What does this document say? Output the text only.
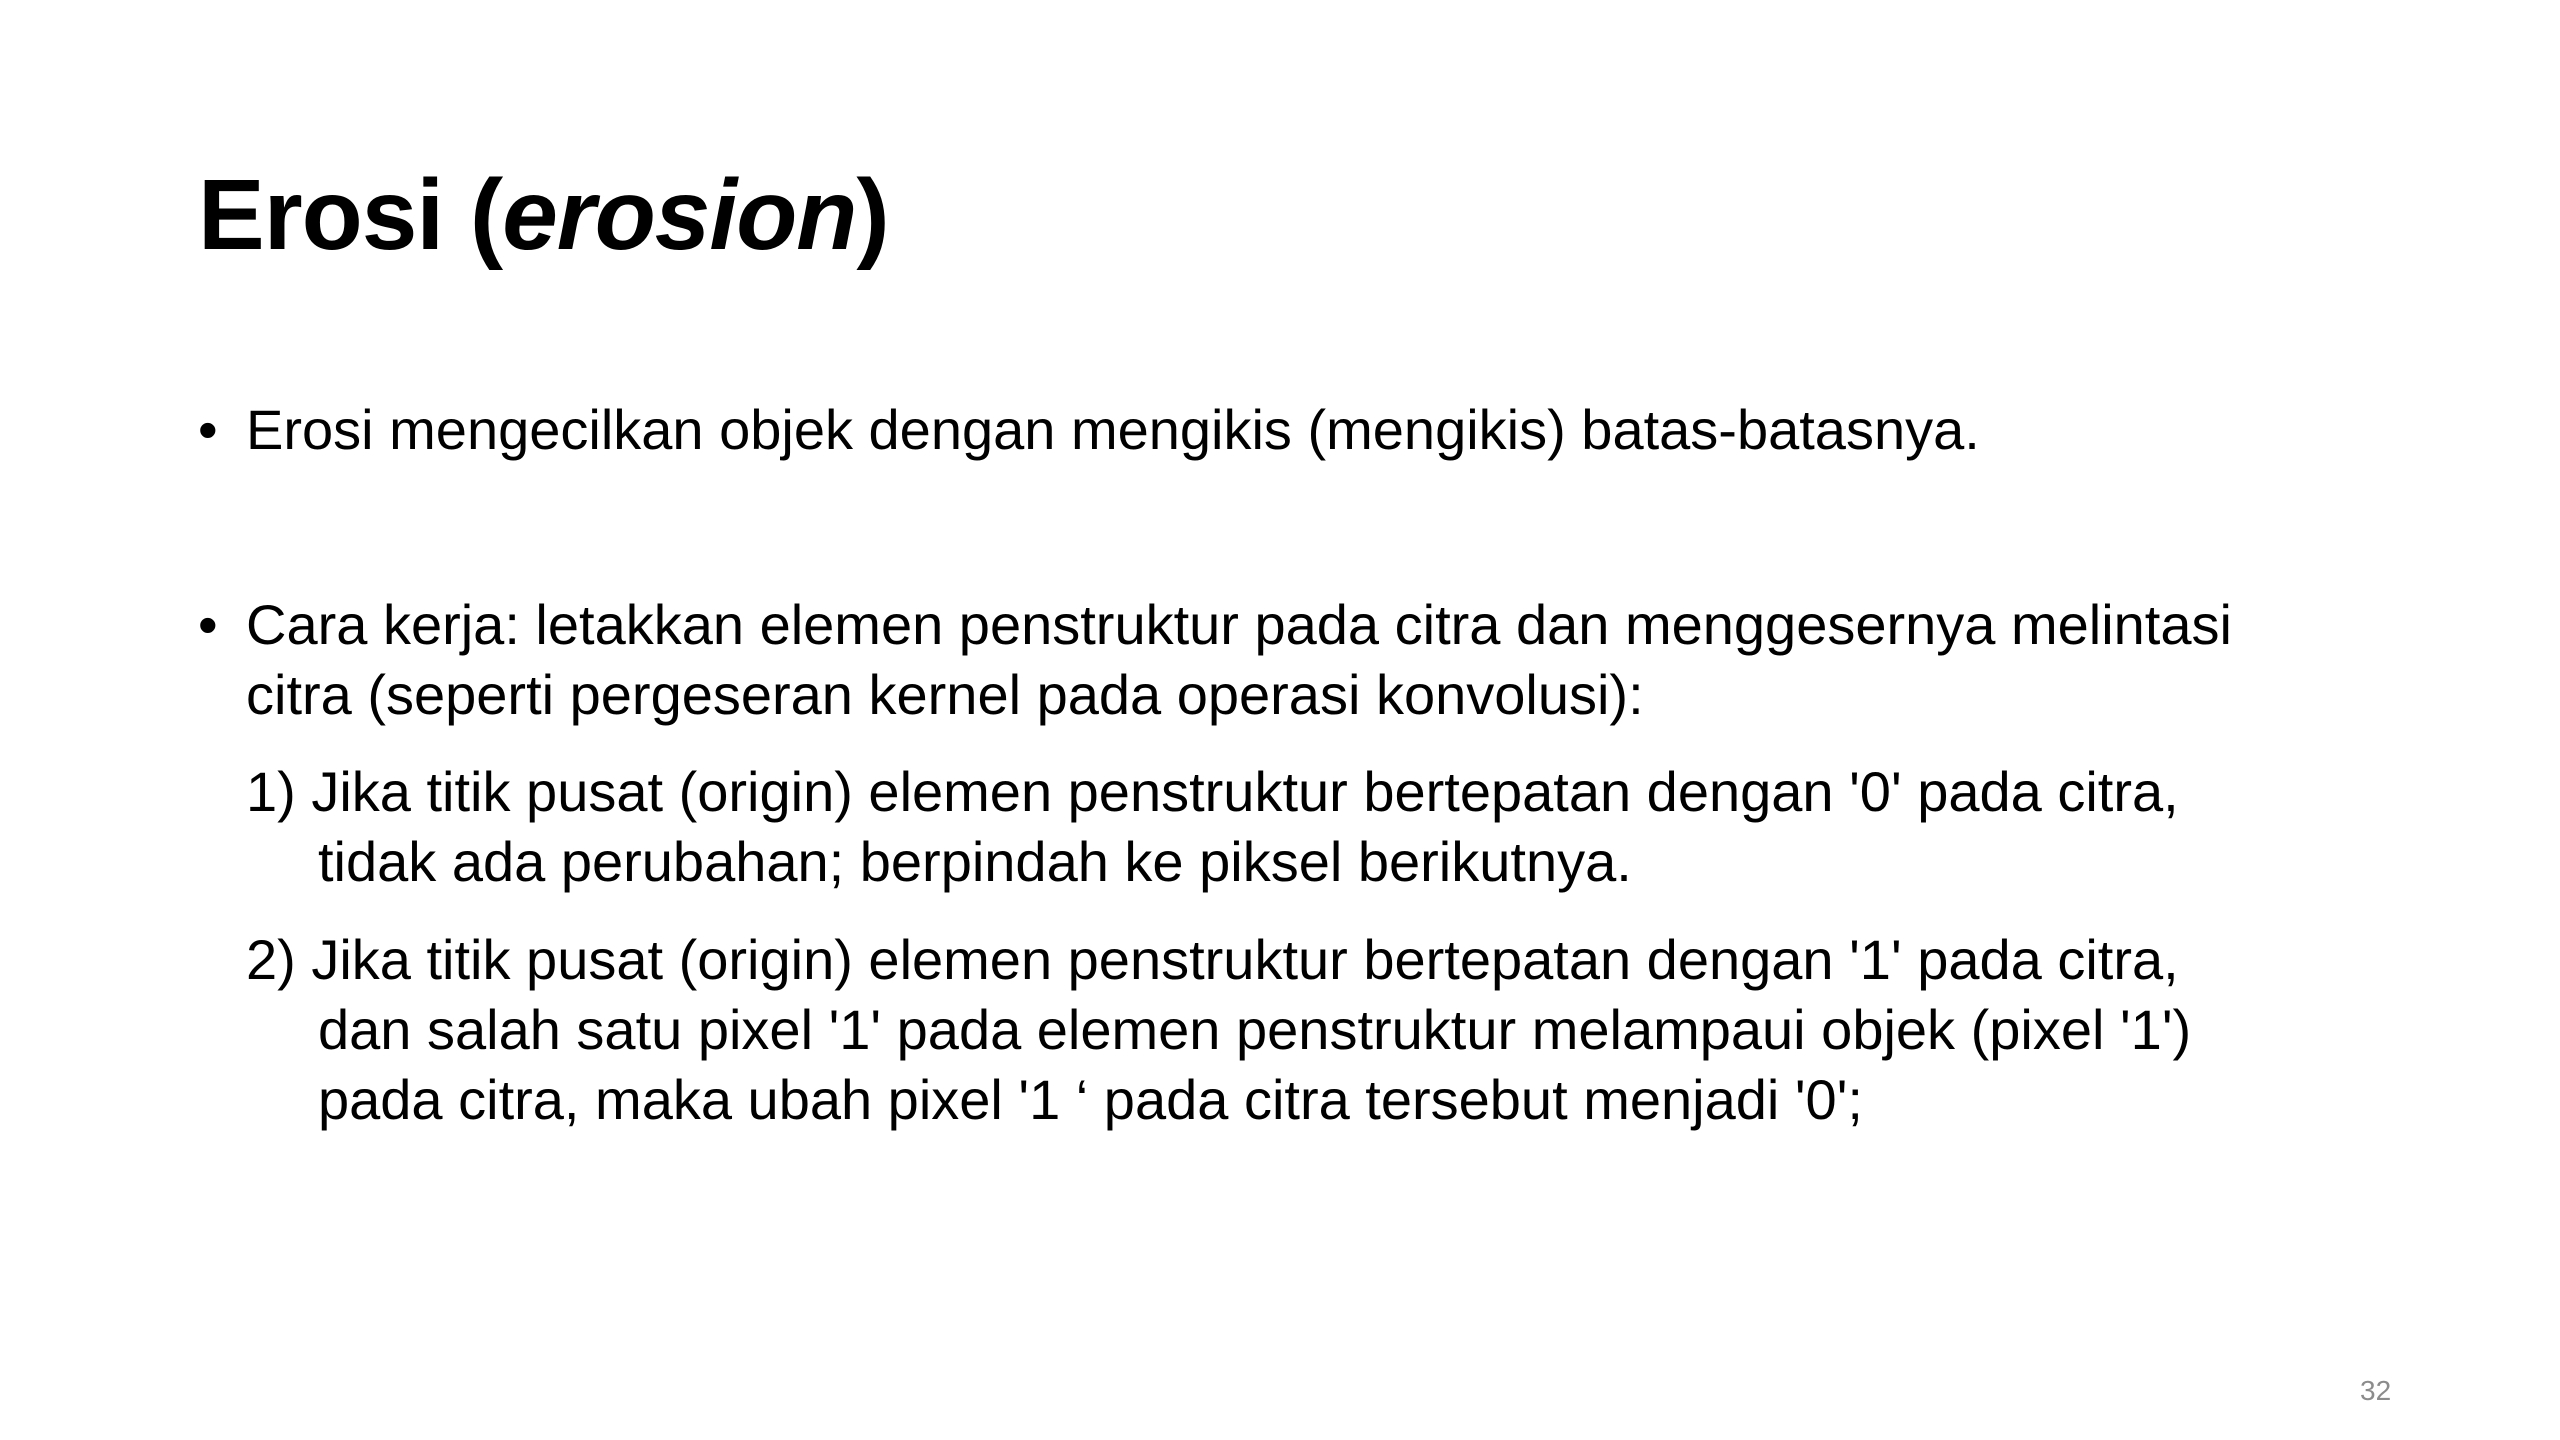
Erosi (erosion)
• Erosi mengecilkan objek dengan mengikis (mengikis) batas-batasnya.
• Cara kerja: letakkan elemen penstruktur pada citra dan menggesernya melintasi
citra (seperti pergeseran kernel pada operasi konvolusi):
1) Jika titik pusat (origin) elemen penstruktur bertepatan dengan '0' pada citra,
tidak ada perubahan; berpindah ke piksel berikutnya.
2) Jika titik pusat (origin) elemen penstruktur bertepatan dengan '1' pada citra,
dan salah satu pixel '1' pada elemen penstruktur melampaui objek (pixel '1')
pada citra, maka ubah pixel '1 ‘ pada citra tersebut menjadi '0';
32
